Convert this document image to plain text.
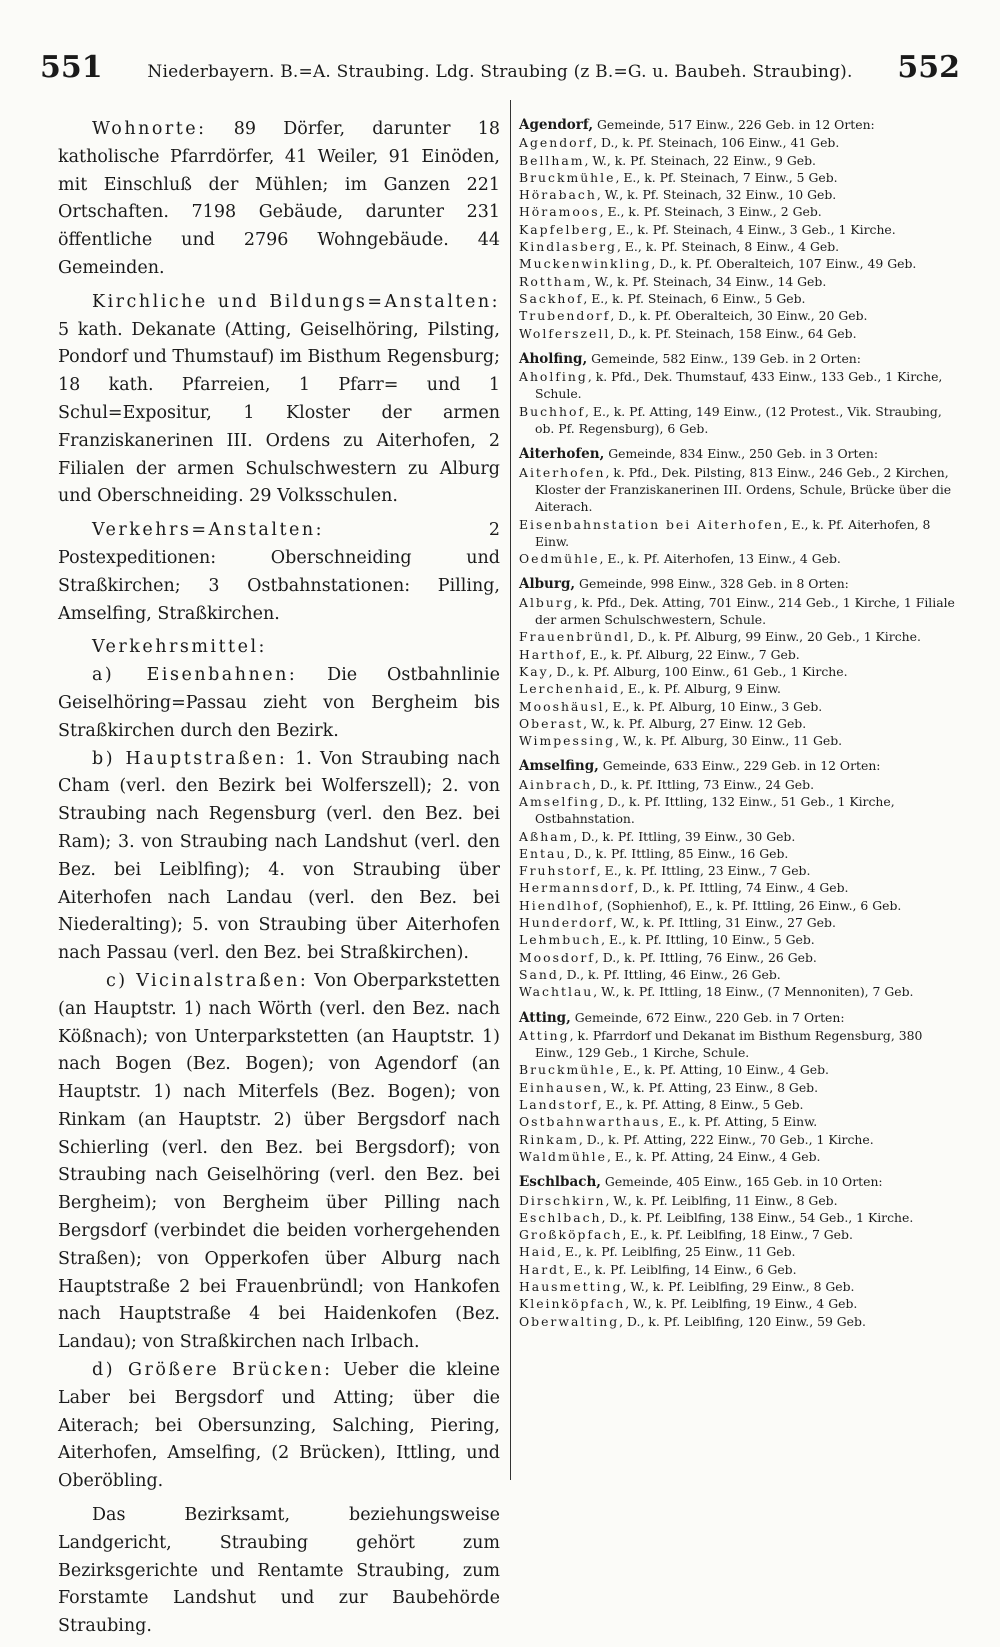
551	Niederbayern. B.=A. Straubing. Ldg. Straubing (z B.=G. u. Baubeh. Straubing). 552

Wohnorte: 89 Dörfer, darunter 18 katholische Pfarrdörfer, 41 Weiler, 91 Einöden, mit Einschluß der Mühlen; im Ganzen 221 Ortschaften. 7198 Gebäude, darunter 231 öffentliche und 2796 Wohngebäude. 44 Gemeinden.

Kirchliche und Bildungs=Anstalten: 5 kath. Dekanate (Atting, Geiselhöring, Pilsting, Pondorf und Thumstauf) im Bisthum Regensburg; 18 kath. Pfarreien, 1 Pfarr= und 1 Schul=Expositur, 1 Kloster der armen Franziskanerinen III. Ordens zu Aiterhofen, 2 Filialen der armen Schulschwestern zu Alburg und Oberschneiding. 29 Volksschulen.

Verkehrs=Anstalten: 2 Postexpeditionen: Oberschneiding und Straßkirchen; 3 Ostbahnstationen: Pilling, Amselfing, Straßkirchen.

Verkehrsmittel:

a) Eisenbahnen: Die Ostbahnlinie Geiselhöring=Passau zieht von Bergheim bis Straßkirchen durch den Bezirk.

b) Hauptstraßen: 1. Von Straubing nach Cham (verl. den Bezirk bei Wolferszell); 2. von Straubing nach Regensburg (verl. den Bez. bei Ram); 3. von Straubing nach Landshut (verl. den Bez. bei Leiblfing); 4. von Straubing über Aiterhofen nach Landau (verl. den Bez. bei Niederalting); 5. von Straubing über Aiterhofen nach Passau (verl. den Bez. bei Straßkirchen).

c) Vicinalstraßen: Von Oberparkstetten (an Hauptstr. 1) nach Wörth (verl. den Bez. nach Kößnach); von Unterparkstetten (an Hauptstr. 1) nach Bogen (Bez. Bogen); von Agendorf (an Hauptstr. 1) nach Miterfels (Bez. Bogen); von Rinkam (an Hauptstr. 2) über Bergsdorf nach Schierling (verl. den Bez. bei Bergsdorf); von Straubing nach Geiselhöring (verl. den Bez. bei Bergheim); von Bergheim über Pilling nach Bergsdorf (verbindet die beiden vorhergehenden Straßen); von Opperkofen über Alburg nach Hauptstraße 2 bei Frauenbründl; von Hankofen nach Hauptstraße 4 bei Haidenkofen (Bez. Landau); von Straßkirchen nach Irlbach.

d) Größere Brücken: Ueber die kleine Laber bei Bergsdorf und Atting; über die Aiterach; bei Obersunzing, Salching, Piering, Aiterhofen, Amselfing, (2 Brücken), Ittling, und Oberöbling.

Das Bezirksamt, beziehungsweise Landgericht, Straubing gehört zum Bezirksgerichte und Rentamte Straubing, zum Forstamte Landshut und zur Baubehörde Straubing.

Agendorf, Gemeinde, 517 Einw., 226 Geb. in 12 Orten:
Agendorf, D., k. Pf. Steinach, 106 Einw., 41 Geb.
Bellham, W., k. Pf. Steinach, 22 Einw., 9 Geb.
Bruckmühle, E., k. Pf. Steinach, 7 Einw., 5 Geb.
Hörabach, W., k. Pf. Steinach, 32 Einw., 10 Geb.
Höramoos, E., k. Pf. Steinach, 3 Einw., 2 Geb.
Kapfelberg, E., k. Pf. Steinach, 4 Einw., 3 Geb., 1 Kirche.
Kindlasberg, E., k. Pf. Steinach, 8 Einw., 4 Geb.
Muckenwinkling, D., k. Pf. Oberalteich, 107 Einw., 49 Geb.
Rottham, W., k. Pf. Steinach, 34 Einw., 14 Geb.
Sackhof, E., k. Pf. Steinach, 6 Einw., 5 Geb.
Trubendorf, D., k. Pf. Oberalteich, 30 Einw., 20 Geb.
Wolferszell, D., k. Pf. Steinach, 158 Einw., 64 Geb.
Aholfing, Gemeinde, 582 Einw., 139 Geb. in 2 Orten:
Aholfing, k. Pfd., Dek. Thumstauf, 433 Einw., 133 Geb., 1 Kirche, Schule.
Buchhof, E., k. Pf. Atting, 149 Einw., (12 Protest., Vik. Straubing, ob. Pf. Regensburg), 6 Geb.
Aiterhofen, Gemeinde, 834 Einw., 250 Geb. in 3 Orten:
Aiterhofen, k. Pfd., Dek. Pilsting, 813 Einw., 246 Geb., 2 Kirchen, Kloster der Franziskanerinen III. Ordens, Schule, Brücke über die Aiterach.
Eisenbahnstation bei Aiterhofen, E., k. Pf. Aiterhofen, 8 Einw.
Oedmühle, E., k. Pf. Aiterhofen, 13 Einw., 4 Geb.
Alburg, Gemeinde, 998 Einw., 328 Geb. in 8 Orten:
Alburg, k. Pfd., Dek. Atting, 701 Einw., 214 Geb., 1 Kirche, 1 Filiale der armen Schulschwestern, Schule.
Frauenbründl, D., k. Pf. Alburg, 99 Einw., 20 Geb., 1 Kirche.
Harthof, E., k. Pf. Alburg, 22 Einw., 7 Geb.
Kay, D., k. Pf. Alburg, 100 Einw., 61 Geb., 1 Kirche.
Lerchenhaid, E., k. Pf. Alburg, 9 Einw.
Mooshäusl, E., k. Pf. Alburg, 10 Einw., 3 Geb.
Oberast, W., k. Pf. Alburg, 27 Einw. 12 Geb.
Wimpessing, W., k. Pf. Alburg, 30 Einw., 11 Geb.
Amselfing, Gemeinde, 633 Einw., 229 Geb. in 12 Orten:
Ainbrach, D., k. Pf. Ittling, 73 Einw., 24 Geb.
Amselfing, D., k. Pf. Ittling, 132 Einw., 51 Geb., 1 Kirche, Ostbahnstation.
Aßham, D., k. Pf. Ittling, 39 Einw., 30 Geb.
Entau, D., k. Pf. Ittling, 85 Einw., 16 Geb.
Fruhstorf, E., k. Pf. Ittling, 23 Einw., 7 Geb.
Hermannsdorf, D., k. Pf. Ittling, 74 Einw., 4 Geb.
Hiendlhof, (Sophienhof), E., k. Pf. Ittling, 26 Einw., 6 Geb.
Hunderdorf, W., k. Pf. Ittling, 31 Einw., 27 Geb.
Lehmbuch, E., k. Pf. Ittling, 10 Einw., 5 Geb.
Moosdorf, D., k. Pf. Ittling, 76 Einw., 26 Geb.
Sand, D., k. Pf. Ittling, 46 Einw., 26 Geb.
Wachtlau, W., k. Pf. Ittling, 18 Einw., (7 Mennoniten), 7 Geb.
Atting, Gemeinde, 672 Einw., 220 Geb. in 7 Orten:
Atting, k. Pfarrdorf und Dekanat im Bisthum Regensburg, 380 Einw., 129 Geb., 1 Kirche, Schule.
Bruckmühle, E., k. Pf. Atting, 10 Einw., 4 Geb.
Einhausen, W., k. Pf. Atting, 23 Einw., 8 Geb.
Landstorf, E., k. Pf. Atting, 8 Einw., 5 Geb.
Ostbahnwarthaus, E., k. Pf. Atting, 5 Einw.
Rinkam, D., k. Pf. Atting, 222 Einw., 70 Geb., 1 Kirche.
Waldmühle, E., k. Pf. Atting, 24 Einw., 4 Geb.
Eschlbach, Gemeinde, 405 Einw., 165 Geb. in 10 Orten:
Dirschkirn, W., k. Pf. Leiblfing, 11 Einw., 8 Geb.
Eschlbach, D., k. Pf. Leiblfing, 138 Einw., 54 Geb., 1 Kirche.
Großköpfach, E., k. Pf. Leiblfing, 18 Einw., 7 Geb.
Haid, E., k. Pf. Leiblfing, 25 Einw., 11 Geb.
Hardt, E., k. Pf. Leiblfing, 14 Einw., 6 Geb.
Hausmetting, W., k. Pf. Leiblfing, 29 Einw., 8 Geb.
Kleinköpfach, W., k. Pf. Leiblfing, 19 Einw., 4 Geb.
Oberwalting, D., k. Pf. Leiblfing, 120 Einw., 59 Geb.
